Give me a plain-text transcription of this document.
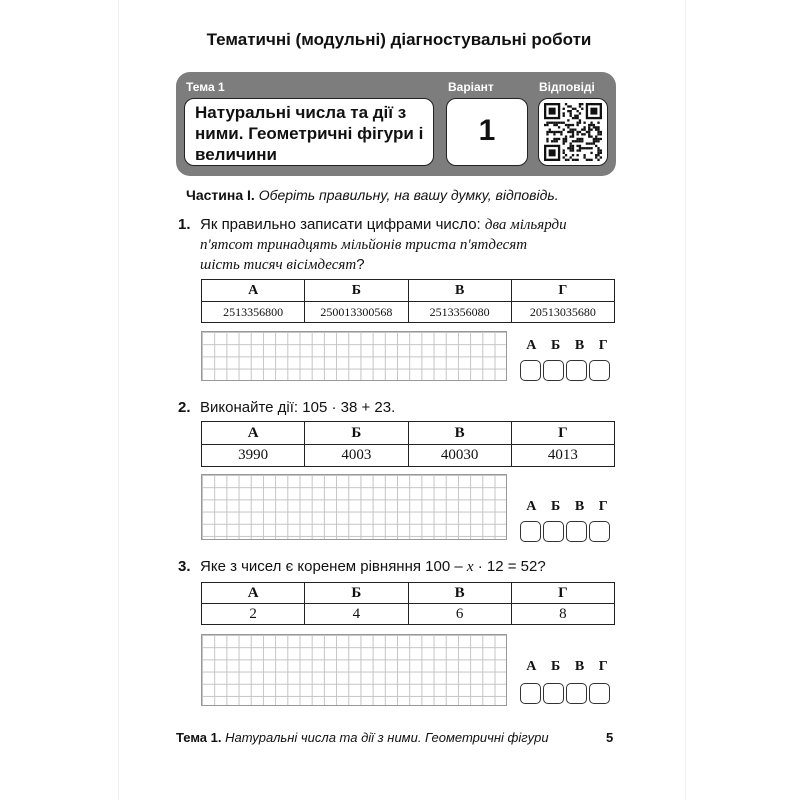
Тематичні (модульні) діагностувальні роботи
Тема 1	Варіант	Відповіді
Натуральні числа та дії з ними. Геометричні фігури і величини
1
Частина I. Оберіть правильну, на вашу думку, відповідь.
1. Як правильно записати цифрами число: два мільярди
п'ятсот тринадцять мільйонів триста п'ятдесят
шість тисяч вісімдесят?
А	Б	В	Г
2513356800	250013300568	2513356080	20513035680
А Б В Г
2. Виконайте дії: 105 · 38 + 23.
А	Б	В	Г
3990	4003	40030	4013
А Б В Г
3. Яке з чисел є коренем рівняння 100 – x · 12 = 52?
А	Б	В	Г
2	4	6	8
А Б В Г
Тема 1. Натуральні числа та дії з ними. Геометричні фігури	5
